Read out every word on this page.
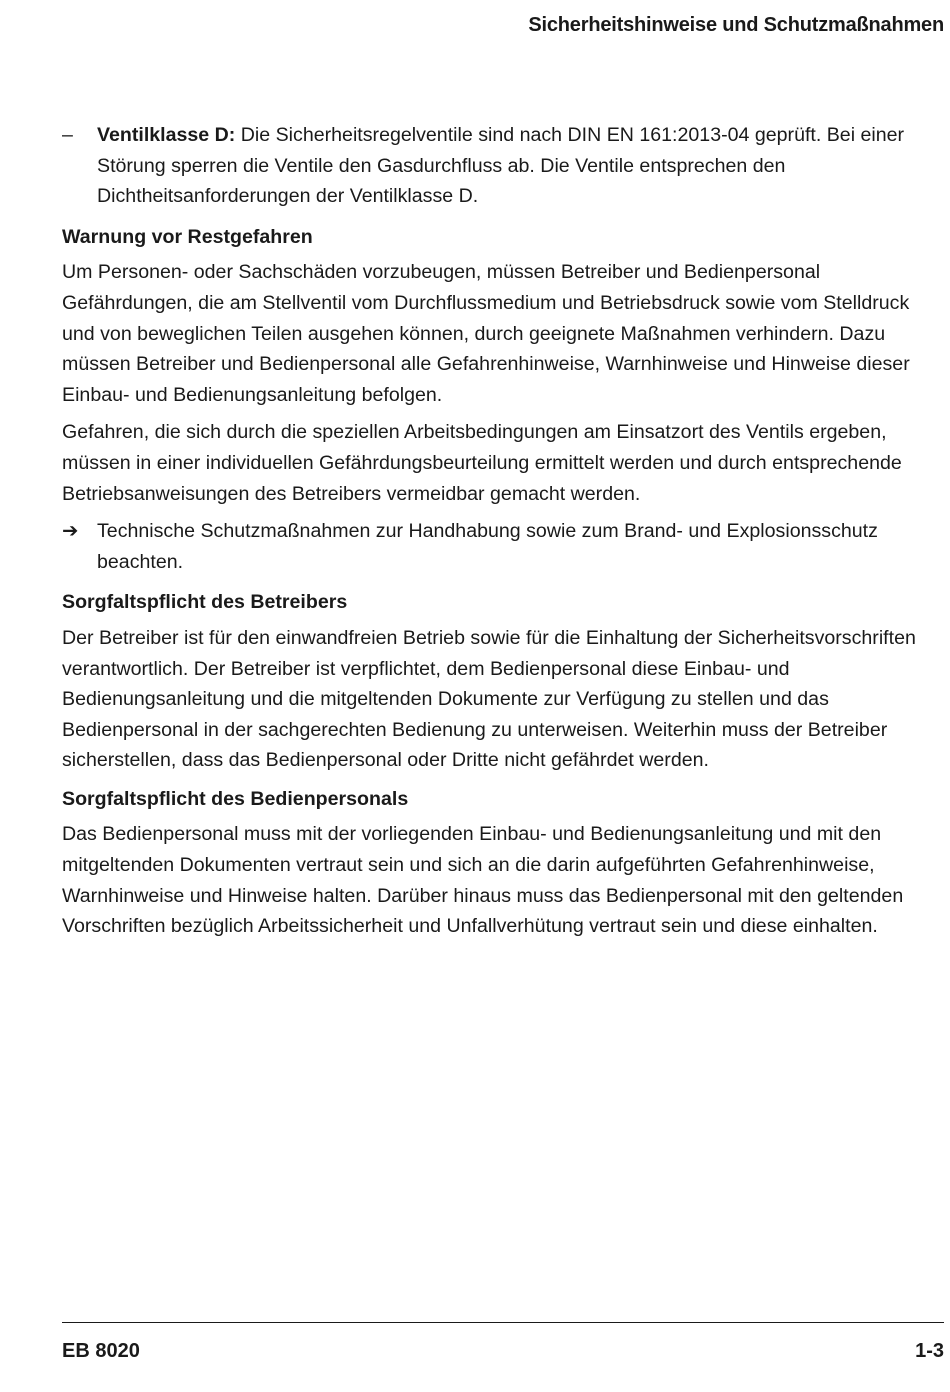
Sicherheitshinweise und Schutzmaßnahmen
– Ventilklasse D: Die Sicherheitsregelventile sind nach DIN EN 161:2013-04 geprüft. Bei einer Störung sperren die Ventile den Gasdurchfluss ab. Die Ventile entsprechen den Dichtheitsanforderungen der Ventilklasse D.
Warnung vor Restgefahren

Um Personen- oder Sachschäden vorzubeugen, müssen Betreiber und Bedienpersonal Gefährdungen, die am Stellventil vom Durchflussmedium und Betriebsdruck sowie vom Stelldruck und von beweglichen Teilen ausgehen können, durch geeignete Maßnahmen verhindern. Dazu müssen Betreiber und Bedienpersonal alle Gefahrenhinweise, Warnhinweise und Hinweise dieser Einbau- und Bedienungsanleitung befolgen.

Gefahren, die sich durch die speziellen Arbeitsbedingungen am Einsatzort des Ventils ergeben, müssen in einer individuellen Gefährdungsbeurteilung ermittelt werden und durch entsprechende Betriebsanweisungen des Betreibers vermeidbar gemacht werden.

➔ Technische Schutzmaßnahmen zur Handhabung sowie zum Brand- und Explosionsschutz beachten.
Sorgfaltspflicht des Betreibers

Der Betreiber ist für den einwandfreien Betrieb sowie für die Einhaltung der Sicherheitsvorschriften verantwortlich. Der Betreiber ist verpflichtet, dem Bedienpersonal diese Einbau- und Bedienungsanleitung und die mitgeltenden Dokumente zur Verfügung zu stellen und das Bedienpersonal in der sachgerechten Bedienung zu unterweisen. Weiterhin muss der Betreiber sicherstellen, dass das Bedienpersonal oder Dritte nicht gefährdet werden.

Sorgfaltspflicht des Bedienpersonals

Das Bedienpersonal muss mit der vorliegenden Einbau- und Bedienungsanleitung und mit den mitgeltenden Dokumenten vertraut sein und sich an die darin aufgeführten Gefahrenhinweise, Warnhinweise und Hinweise halten. Darüber hinaus muss das Bedienpersonal mit den geltenden Vorschriften bezüglich Arbeitssicherheit und Unfallverhütung vertraut sein und diese einhalten.

EB 8020	1-3
